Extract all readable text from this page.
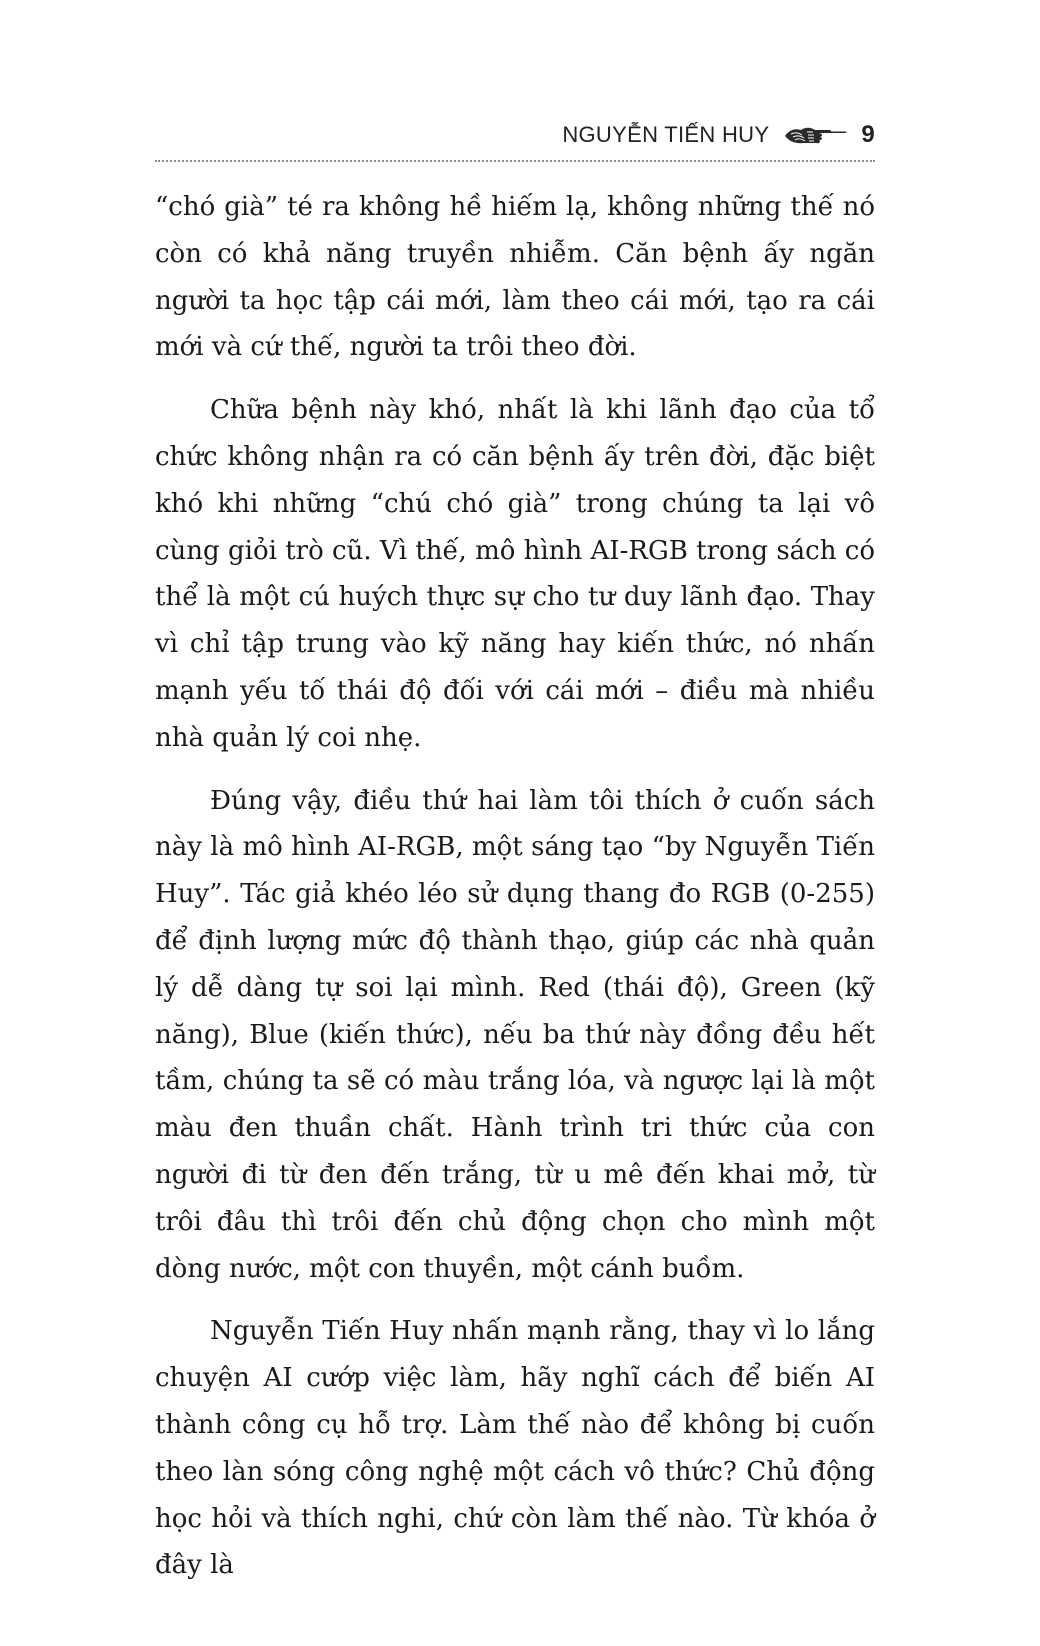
NGUYỄN TIẾN HUY	9

“chó già” té ra không hề hiếm lạ, không những thế nó còn có khả năng truyền nhiễm. Căn bệnh ấy ngăn người ta học tập cái mới, làm theo cái mới, tạo ra cái mới và cứ thế, người ta trôi theo đời.

Chữa bệnh này khó, nhất là khi lãnh đạo của tổ chức không nhận ra có căn bệnh ấy trên đời, đặc biệt khó khi những “chú chó già” trong chúng ta lại vô cùng giỏi trò cũ. Vì thế, mô hình AI-RGB trong sách có thể là một cú huých thực sự cho tư duy lãnh đạo. Thay vì chỉ tập trung vào kỹ năng hay kiến thức, nó nhấn mạnh yếu tố thái độ đối với cái mới – điều mà nhiều nhà quản lý coi nhẹ.

Đúng vậy, điều thứ hai làm tôi thích ở cuốn sách này là mô hình AI-RGB, một sáng tạo “by Nguyễn Tiến Huy”. Tác giả khéo léo sử dụng thang đo RGB (0-255) để định lượng mức độ thành thạo, giúp các nhà quản lý dễ dàng tự soi lại mình. Red (thái độ), Green (kỹ năng), Blue (kiến thức), nếu ba thứ này đồng đều hết tầm, chúng ta sẽ có màu trắng lóa, và ngược lại là một màu đen thuần chất. Hành trình tri thức của con người đi từ đen đến trắng, từ u mê đến khai mở, từ trôi đâu thì trôi đến chủ động chọn cho mình một dòng nước, một con thuyền, một cánh buồm.

Nguyễn Tiến Huy nhấn mạnh rằng, thay vì lo lắng chuyện AI cướp việc làm, hãy nghĩ cách để biến AI thành công cụ hỗ trợ. Làm thế nào để không bị cuốn theo làn sóng công nghệ một cách vô thức? Chủ động học hỏi và thích nghi, chứ còn làm thế nào. Từ khóa ở đây là
